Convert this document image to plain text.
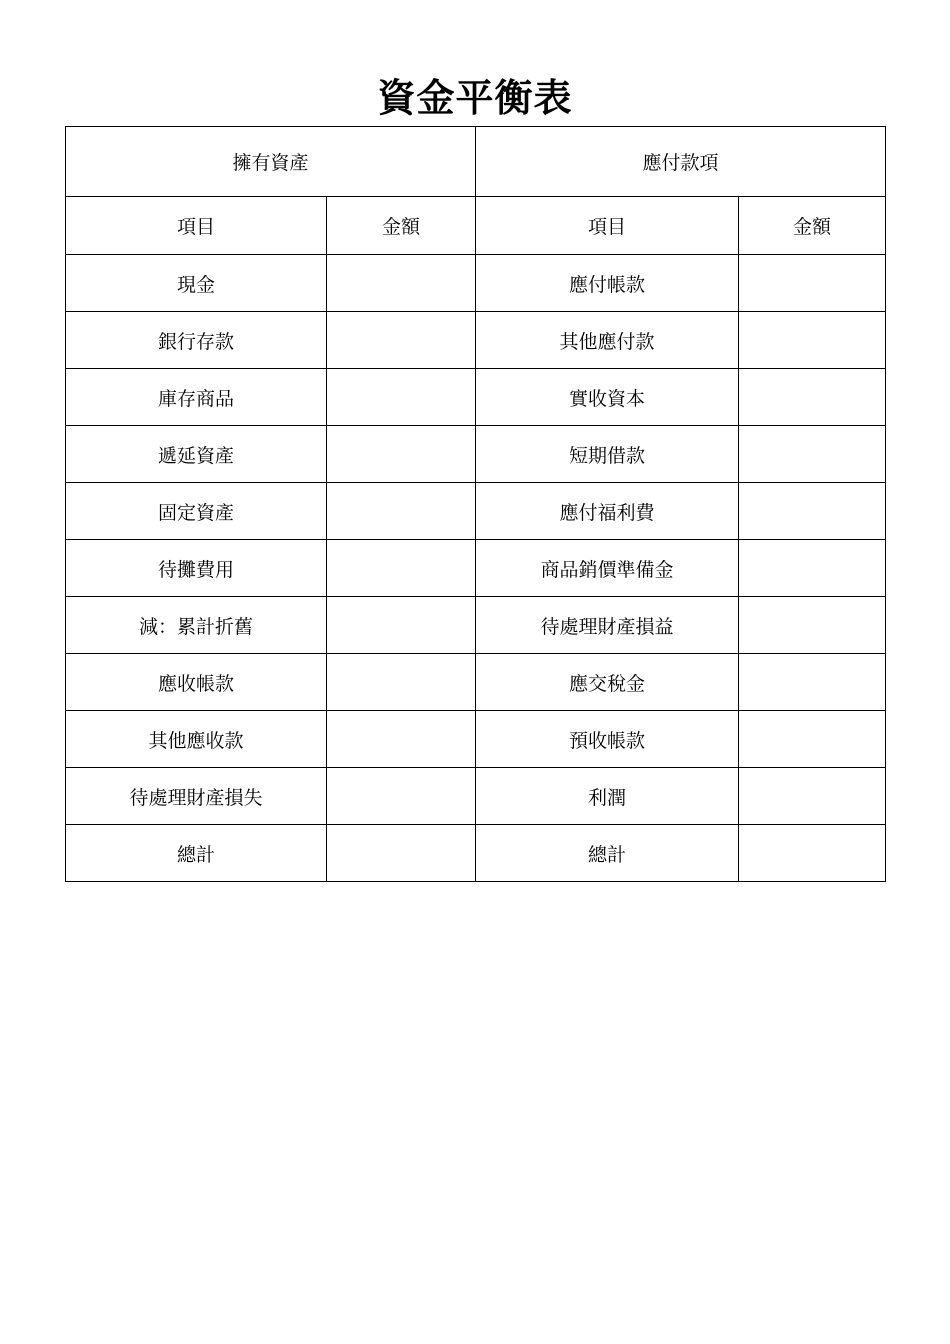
資金平衡表
擁有資產		應付款項	
項目	金額	項目	金額
現金		應付帳款	
銀行存款		其他應付款	
庫存商品		實收資本	
遞延資產		短期借款	
固定資產		應付福利費	
待攤費用		商品銷價準備金	
減：累計折舊		待處理財產損益	
應收帳款		應交稅金	
其他應收款		預收帳款	
待處理財產損失		利潤	
總計		總計	
